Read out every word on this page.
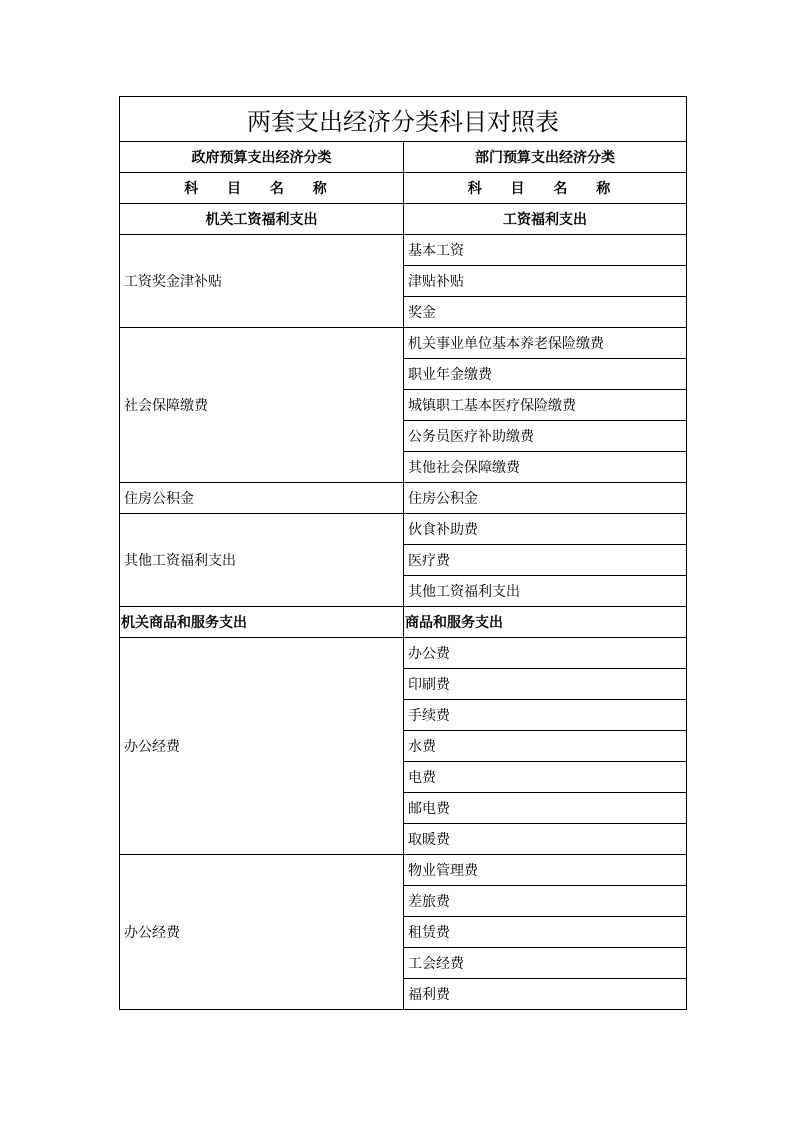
两套支出经济分类科目对照表	
政府预算支出经济分类	部门预算支出经济分类
科 目 名 称	科 目 名 称
机关工资福利支出	工资福利支出
工资奖金津补贴	基本工资
	津贴补贴
	奖金
社会保障缴费	机关事业单位基本养老保险缴费
	职业年金缴费
	城镇职工基本医疗保险缴费
	公务员医疗补助缴费
	其他社会保障缴费
住房公积金	住房公积金
其他工资福利支出	伙食补助费
	医疗费
	其他工资福利支出
机关商品和服务支出	商品和服务支出
办公经费	办公费
	印刷费
	手续费
	水费
	电费
	邮电费
	取暖费
办公经费	物业管理费
	差旅费
	租赁费
	工会经费
	福利费
